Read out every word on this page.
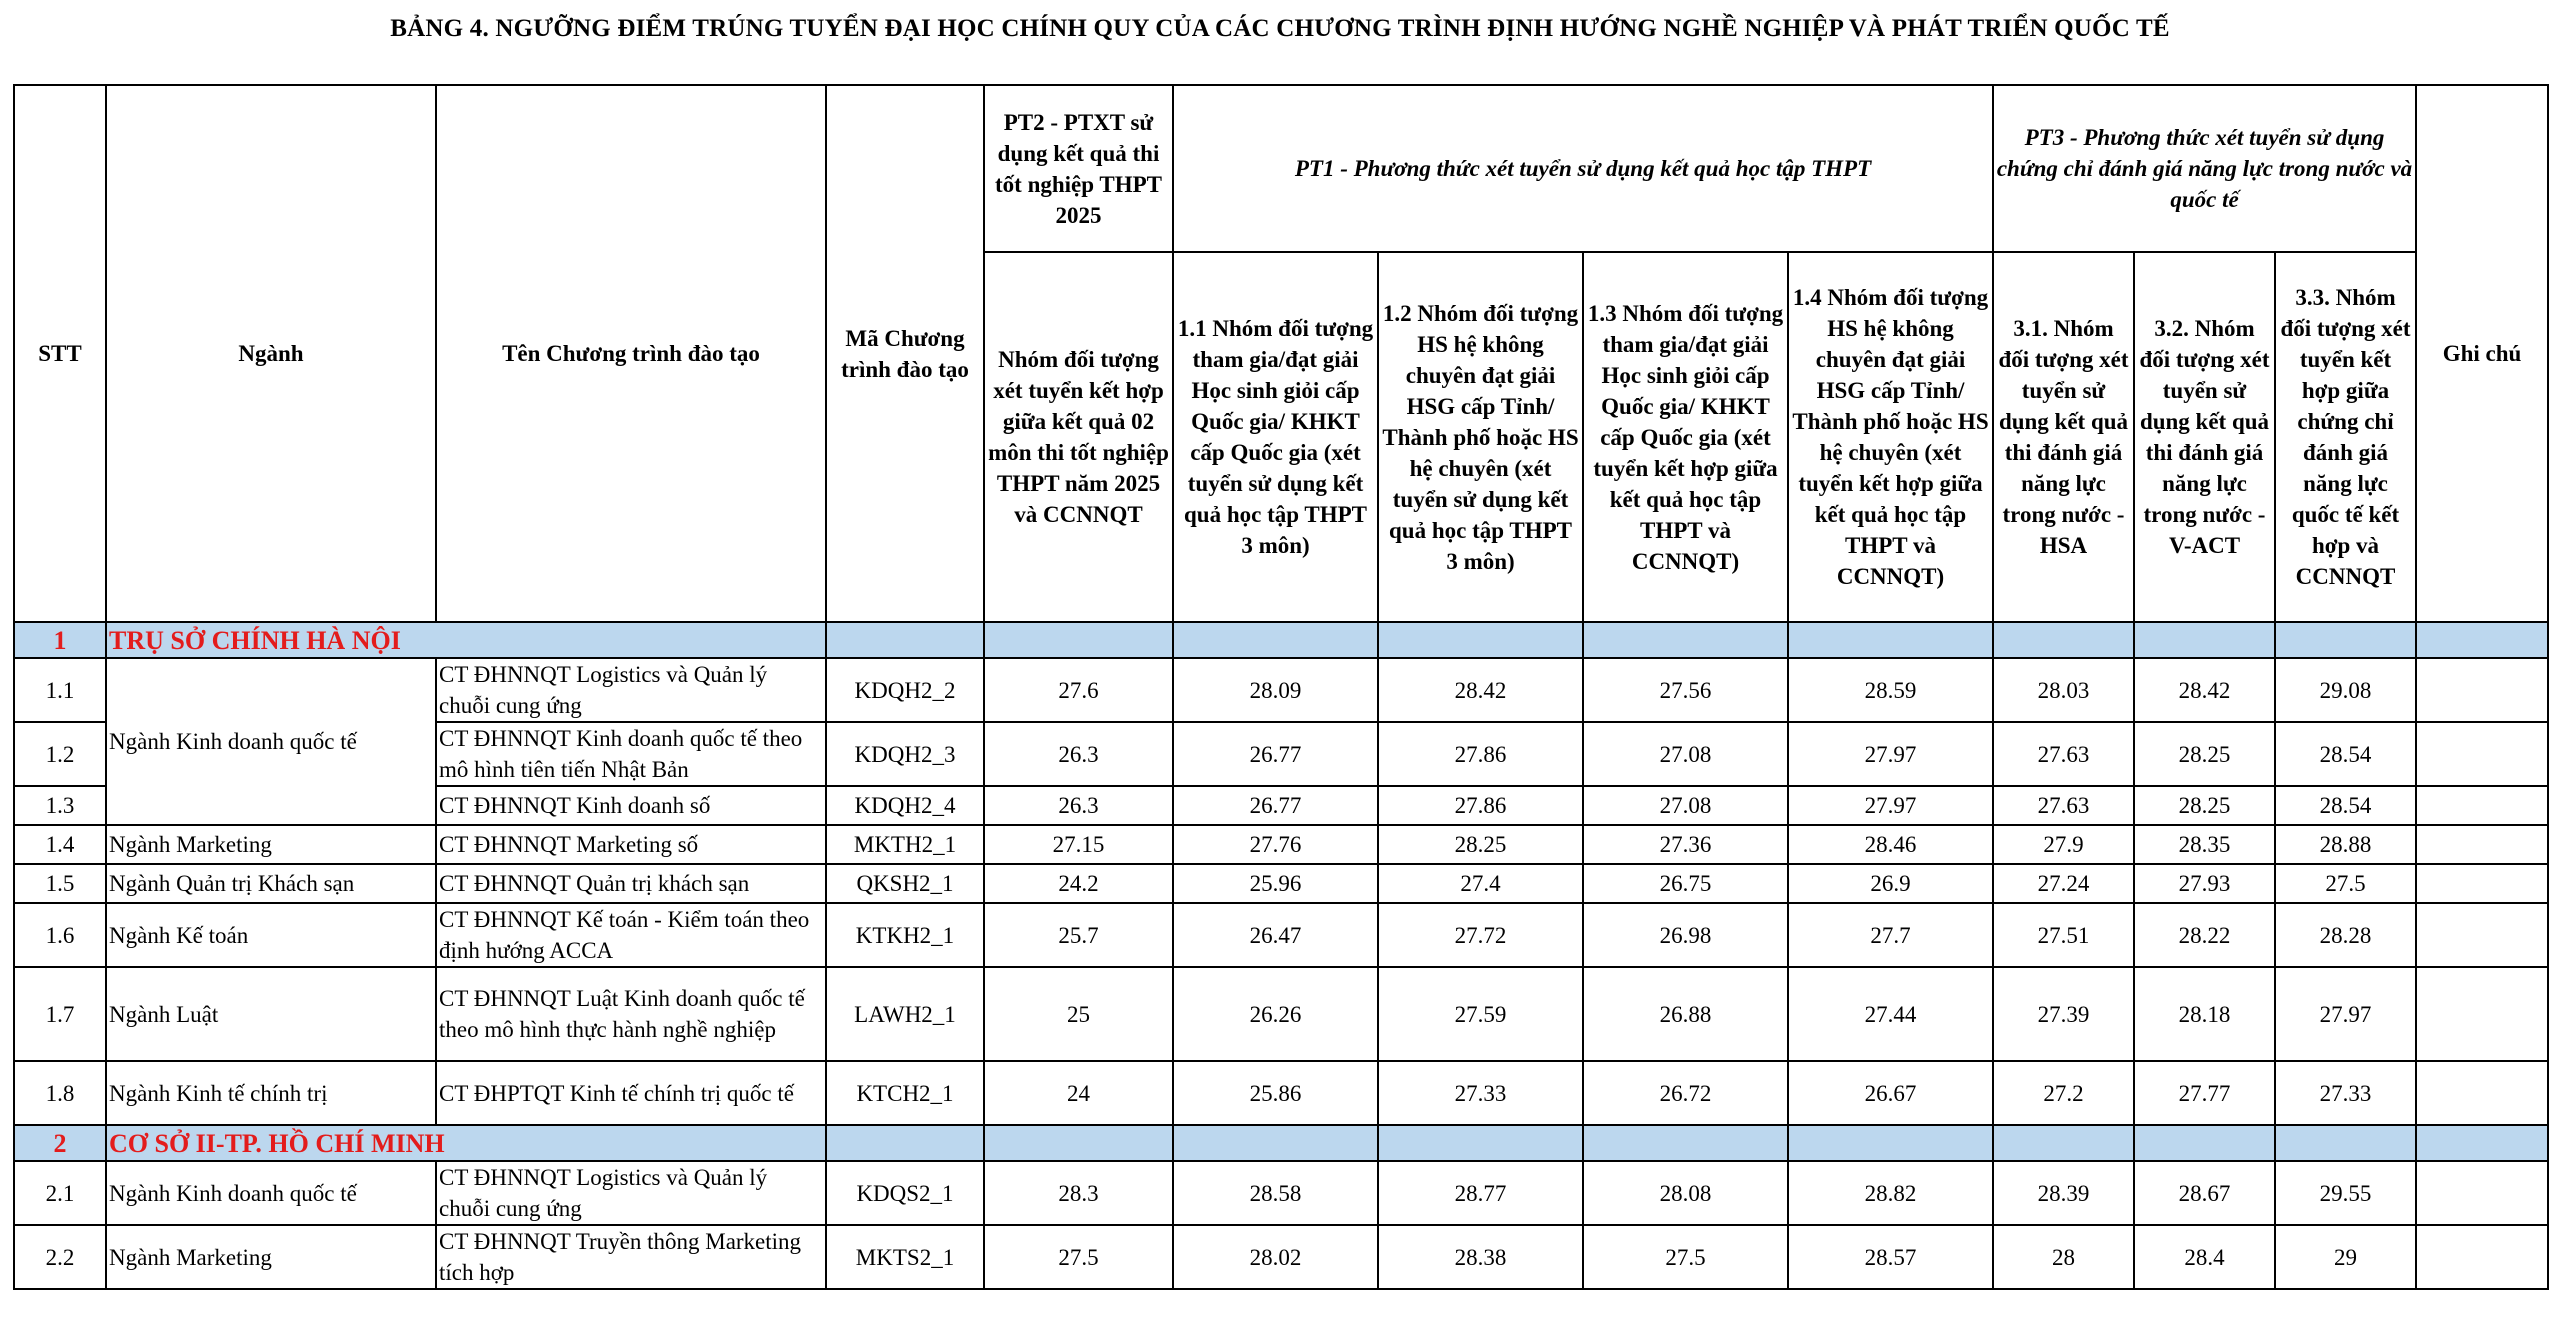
BẢNG 4. NGƯỠNG ĐIỂM TRÚNG TUYỂN ĐẠI HỌC CHÍNH QUY CỦA CÁC CHƯƠNG TRÌNH ĐỊNH HƯỚNG NGHỀ NGHIỆP VÀ PHÁT TRIỂN QUỐC TẾ
STT	Ngành	Tên Chương trình đào tạo	Mã Chương trình đào tạo	PT2 - PTXT sử dụng kết quả thi tốt nghiệp THPT 2025	PT1 - Phương thức xét tuyển sử dụng kết quả học tập THPT				PT3 - Phương thức xét tuyển sử dụng chứng chỉ đánh giá năng lực trong nước và quốc tế			Ghi chú
				Nhóm đối tượng xét tuyển kết hợp giữa kết quả 02 môn thi tốt nghiệp THPT năm 2025 và CCNNQT	1.1 Nhóm đối tượng tham gia/đạt giải Học sinh giỏi cấp Quốc gia/ KHKT cấp Quốc gia (xét tuyển sử dụng kết quả học tập THPT 3 môn)	1.2 Nhóm đối tượng HS hệ không chuyên đạt giải HSG cấp Tỉnh/ Thành phố hoặc HS hệ chuyên (xét tuyển sử dụng kết quả học tập THPT 3 môn)	1.3 Nhóm đối tượng tham gia/đạt giải Học sinh giỏi cấp Quốc gia/ KHKT cấp Quốc gia (xét tuyển kết hợp giữa kết quả học tập THPT và CCNNQT)	1.4 Nhóm đối tượng HS hệ không chuyên đạt giải HSG cấp Tỉnh/ Thành phố hoặc HS hệ chuyên (xét tuyển kết hợp giữa kết quả học tập THPT và CCNNQT)	3.1. Nhóm đối tượng xét tuyển sử dụng kết quả thi đánh giá năng lực trong nước - HSA	3.2. Nhóm đối tượng xét tuyển sử dụng kết quả thi đánh giá năng lực trong nước - V-ACT	3.3. Nhóm đối tượng xét tuyển kết hợp giữa chứng chỉ đánh giá năng lực quốc tế kết hợp và CCNNQT	
1	TRỤ SỞ CHÍNH HÀ NỘI											
1.1	Ngành Kinh doanh quốc tế	CT ĐHNNQT Logistics và Quản lý chuỗi cung ứng	KDQH2_2	27.6	28.09	28.42	27.56	28.59	28.03	28.42	29.08	
1.2		CT ĐHNNQT Kinh doanh quốc tế theo mô hình tiên tiến Nhật Bản	KDQH2_3	26.3	26.77	27.86	27.08	27.97	27.63	28.25	28.54	
1.3		CT ĐHNNQT Kinh doanh số	KDQH2_4	26.3	26.77	27.86	27.08	27.97	27.63	28.25	28.54	
1.4	Ngành Marketing	CT ĐHNNQT Marketing số	MKTH2_1	27.15	27.76	28.25	27.36	28.46	27.9	28.35	28.88	
1.5	Ngành Quản trị Khách sạn	CT ĐHNNQT Quản trị khách sạn	QKSH2_1	24.2	25.96	27.4	26.75	26.9	27.24	27.93	27.5	
1.6	Ngành Kế toán	CT ĐHNNQT Kế toán - Kiểm toán theo định hướng ACCA	KTKH2_1	25.7	26.47	27.72	26.98	27.7	27.51	28.22	28.28	
1.7	Ngành Luật	CT ĐHNNQT Luật Kinh doanh quốc tế theo mô hình thực hành nghề nghiệp	LAWH2_1	25	26.26	27.59	26.88	27.44	27.39	28.18	27.97	
1.8	Ngành Kinh tế chính trị	CT ĐHPTQT Kinh tế chính trị quốc tế	KTCH2_1	24	25.86	27.33	26.72	26.67	27.2	27.77	27.33	
2	CƠ SỞ II-TP. HỒ CHÍ MINH											
2.1	Ngành Kinh doanh quốc tế	CT ĐHNNQT Logistics và Quản lý chuỗi cung ứng	KDQS2_1	28.3	28.58	28.77	28.08	28.82	28.39	28.67	29.55	
2.2	Ngành Marketing	CT ĐHNNQT Truyền thông Marketing tích hợp	MKTS2_1	27.5	28.02	28.38	27.5	28.57	28	28.4	29	
